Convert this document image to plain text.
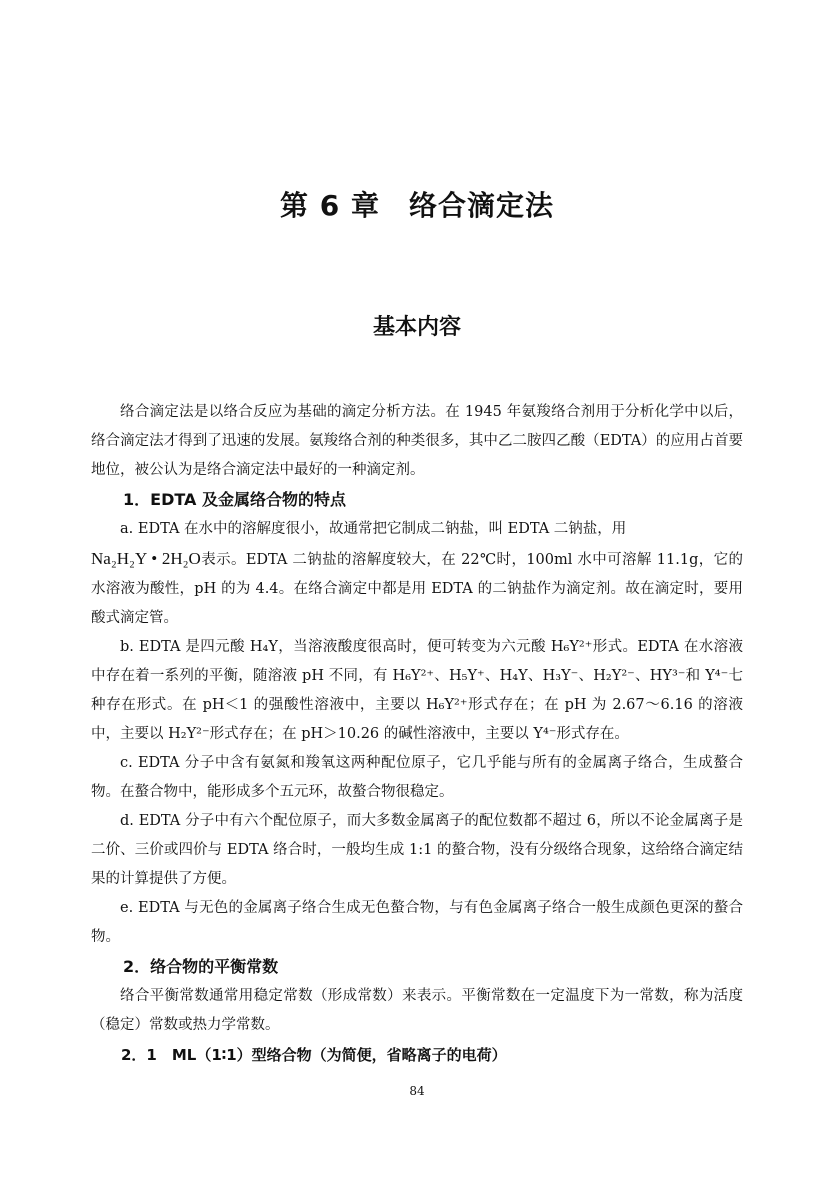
第 6 章　络合滴定法
基本内容

络合滴定法是以络合反应为基础的滴定分析方法。在 1945 年氨羧络合剂用于分析化学中以后，络合滴定法才得到了迅速的发展。氨羧络合剂的种类很多，其中乙二胺四乙酸（EDTA）的应用占首要地位，被公认为是络合滴定法中最好的一种滴定剂。

1．EDTA 及金属络合物的特点

a. EDTA 在水中的溶解度很小，故通常把它制成二钠盐，叫 EDTA 二钠盐，用
Na₂H₂Y • 2H₂O表示。EDTA 二钠盐的溶解度较大，在 22℃时，100ml 水中可溶解 11.1g，它的水溶液为酸性，pH 的为 4.4。在络合滴定中都是用 EDTA 的二钠盐作为滴定剂。故在滴定时，要用酸式滴定管。

b. EDTA 是四元酸 H₄Y，当溶液酸度很高时，便可转变为六元酸 H₆Y²⁺形式。EDTA 在水溶液中存在着一系列的平衡，随溶液 pH 不同，有 H₆Y²⁺、H₅Y⁺、H₄Y、H₃Y⁻、H₂Y²⁻、HY³⁻和 Y⁴⁻七种存在形式。在 pH＜1 的强酸性溶液中，主要以 H₆Y²⁺形式存在；在 pH 为 2.67～6.16 的溶液中，主要以 H₂Y²⁻形式存在；在 pH＞10.26 的碱性溶液中，主要以 Y⁴⁻形式存在。

c. EDTA 分子中含有氨氮和羧氧这两种配位原子，它几乎能与所有的金属离子络合，生成螯合物。在螯合物中，能形成多个五元环，故螯合物很稳定。

d. EDTA 分子中有六个配位原子，而大多数金属离子的配位数都不超过 6，所以不论金属离子是二价、三价或四价与 EDTA 络合时，一般均生成 1:1 的螯合物，没有分级络合现象，这给络合滴定结果的计算提供了方便。

e. EDTA 与无色的金属离子络合生成无色螯合物，与有色金属离子络合一般生成颜色更深的螯合物。

2．络合物的平衡常数

络合平衡常数通常用稳定常数（形成常数）来表示。平衡常数在一定温度下为一常数，称为活度（稳定）常数或热力学常数。

2．1　ML（1∶1）型络合物（为简便，省略离子的电荷）
84
